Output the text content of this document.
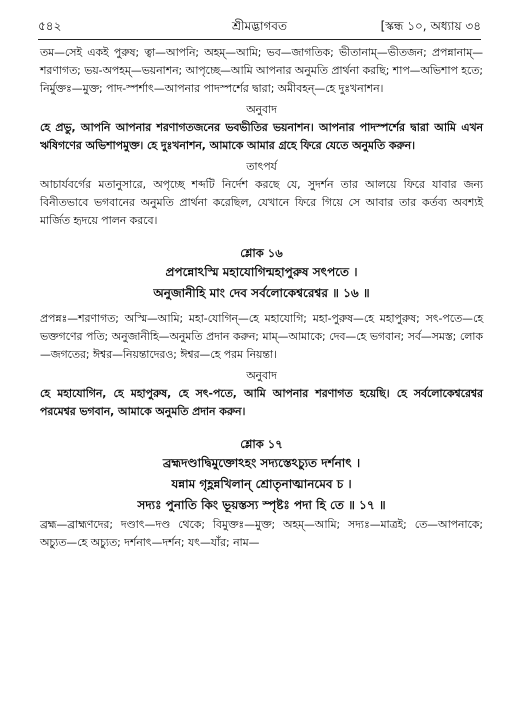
৫৪২	শ্রীমদ্ভাগবত	[স্কন্ধ ১০, অধ্যায় ৩৪
তম—সেই একই পুরুষ; ত্বা—আপনি; অহম্—আমি; ভব—জাগতিক; ভীতানাম্—ভীতজন; প্রপন্নানাম্—শরণাগত; ভয়-অপহম্—ভয়নাশন; আপৃচ্ছে—আমি আপনার অনুমতি প্রার্থনা করছি; শাপ—অভিশাপ হতে; নির্মুক্তঃ—মুক্ত; পাদ-স্পর্শাৎ—আপনার পাদস্পর্শের দ্বারা; অমীবহন্—হে দুঃখনাশন।
অনুবাদ
হে প্রভু, আপনি আপনার শরণাগতজনের ভবভীতির ভয়নাশন। আপনার পাদস্পর্শের দ্বারা আমি এখন ঋষিগণের অভিশাপমুক্ত। হে দুঃখনাশন, আমাকে আমার গ্রহে ফিরে যেতে অনুমতি করুন।
তাৎপর্য
আচার্যবর্গের মতানুসারে, অপৃচ্ছে শব্দটি নির্দেশ করছে যে, সুদর্শন তার আলয়ে ফিরে যাবার জন্য বিনীতভাবে ভগবানের অনুমতি প্রার্থনা করেছিল, যেখানে ফিরে গিয়ে সে আবার তার কর্তব্য অবশ্যই মার্জিত হৃদয়ে পালন করবে।
শ্লোক ১৬
প্রপন্নোঽস্মি মহাযোগিন্মহাপুরুষ সৎপতে ।
অনুজানীহি মাং দেব সর্বলোকেশ্বরেশ্বর ॥ ১৬ ॥
প্রপন্নঃ—শরণাগত; অস্মি—আমি; মহা-যোগিন্—হে মহাযোগি; মহা-পুরুষ—হে মহাপুরুষ; সৎ-পতে—হে ভক্তগণের পতি; অনুজানীহি—অনুমতি প্রদান করুন; মাম্—আমাকে; দেব—হে ভগবান; সর্ব—সমস্ত; লোক—জগতের; ঈশ্বর—নিয়ন্তাদেরও; ঈশ্বর—হে পরম নিয়ন্তা।
অনুবাদ
হে মহাযোগিন, হে মহাপুরুষ, হে সৎ-পতে, আমি আপনার শরণাগত হয়েছি। হে সর্বলোকেশ্বরেশ্বর পরমেশ্বর ভগবান, আমাকে অনুমতি প্রদান করুন।
শ্লোক ১৭
ব্রহ্মদণ্ডাদ্বিমুক্তোঽহং সদ্যস্তেঽচ্যুত দর্শনাৎ ।
যন্নাম গৃহ্ণন্নখিলান্ শ্রোতৃনাত্মানমেব চ ।
সদ্যঃ পুনাতি কিং ভূয়স্তস্য স্পৃষ্টঃ পদা হি তে ॥ ১৭ ॥
ব্রহ্ম—ব্রাহ্মণদের; দণ্ডাৎ—দণ্ড থেকে; বিমুক্তঃ—মুক্ত; অহম্—আমি; সদ্যঃ—মাত্রই; তে—আপনাকে; অচ্যুত—হে অচ্যুত; দর্শনাৎ—দর্শন; যৎ—যাঁর; নাম—
